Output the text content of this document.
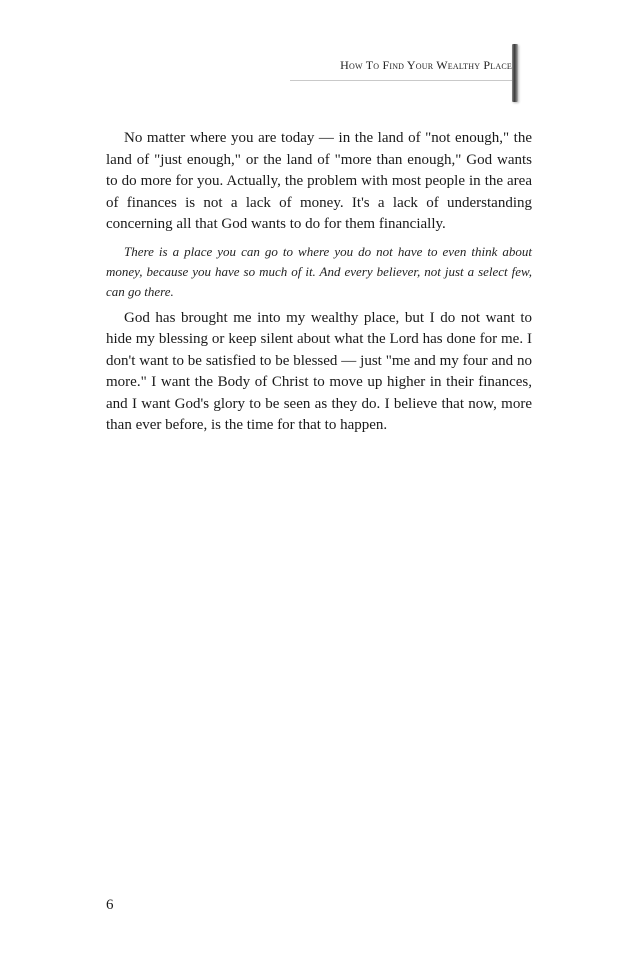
How To Find Your Wealthy Place

No matter where you are today — in the land of "not enough," the land of "just enough," or the land of "more than enough," God wants to do more for you. Actually, the problem with most people in the area of finances is not a lack of money. It's a lack of understanding concerning all that God wants to do for them financially.

There is a place you can go to where you do not have to even think about money, because you have so much of it. And every believer, not just a select few, can go there.

God has brought me into my wealthy place, but I do not want to hide my blessing or keep silent about what the Lord has done for me. I don't want to be satisfied to be blessed — just "me and my four and no more." I want the Body of Christ to move up higher in their finances, and I want God's glory to be seen as they do. I believe that now, more than ever before, is the time for that to happen.

6
